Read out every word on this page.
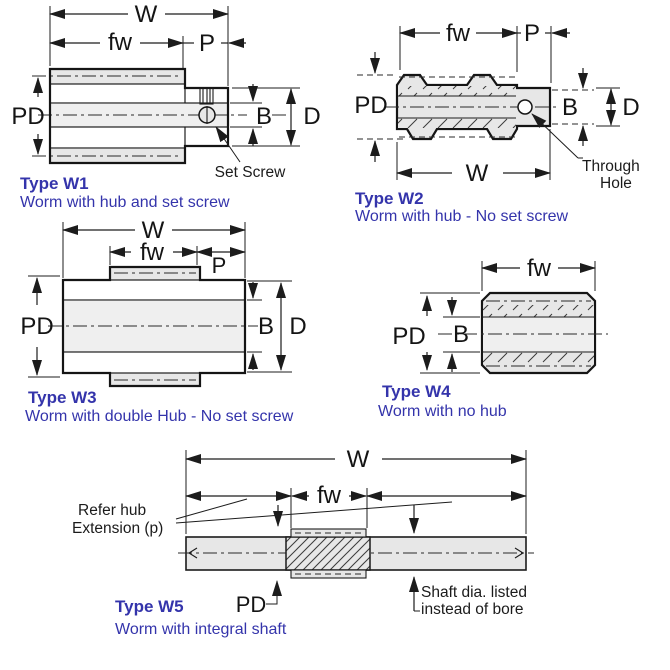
W
fw	P
PD	B D
Set Screw
Type W1
Worm with hub and set screw
fw P
PD	B D
W	Through
Hole
Type W2
Worm with hub - No set screw
W
fw P
PD	B D
Type W3
Worm with double Hub - No set screw
fw
PD B
Type W4
Worm with no hub
W
fw
Refer hub
Extension (p)
PD	Shaft dia. listed
instead of bore
Type W5
Worm with integral shaft
